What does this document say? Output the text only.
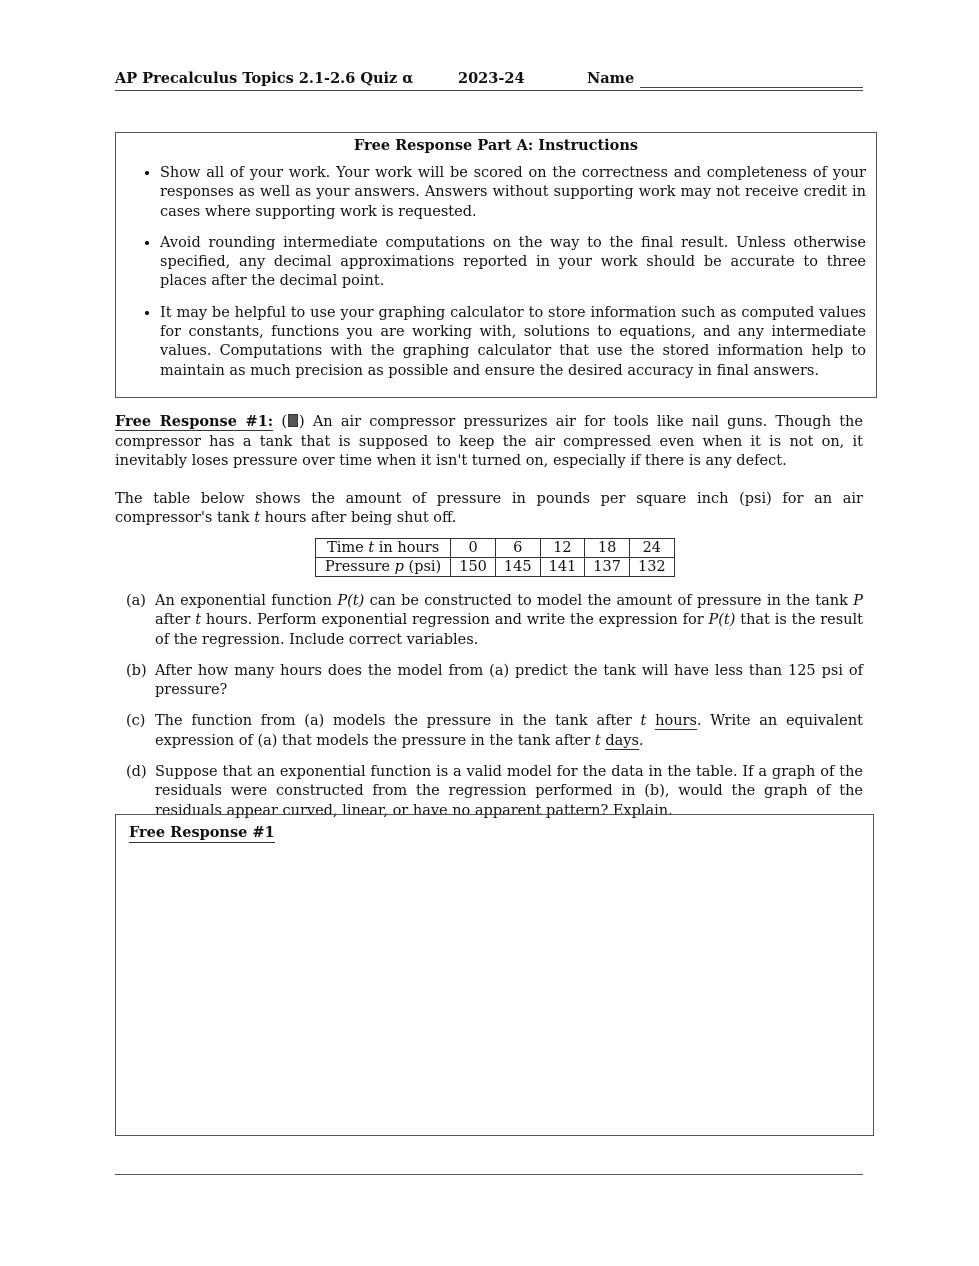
AP Precalculus Topics 2.1-2.6 Quiz α	2023-24	Name
Free Response Part A: Instructions
• Show all of your work. Your work will be scored on the correctness and completeness of your responses as well as your answers. Answers without supporting work may not receive credit in cases where supporting work is requested.
• Avoid rounding intermediate computations on the way to the final result. Unless otherwise specified, any decimal approximations reported in your work should be accurate to three places after the decimal point.
• It may be helpful to use your graphing calculator to store information such as computed values for constants, functions you are working with, solutions to equations, and any intermediate values. Computations with the graphing calculator that use the stored information help to maintain as much precision as possible and ensure the desired accuracy in final answers.
Free Response #1: ( ) An air compressor pressurizes air for tools like nail guns. Though the compressor has a tank that is supposed to keep the air compressed even when it is not on, it inevitably loses pressure over time when it isn't turned on, especially if there is any defect.
The table below shows the amount of pressure in pounds per square inch (psi) for an air compressor's tank t hours after being shut off.
Time t in hours	0	6	12	18	24
Pressure p (psi)	150	145	141	137	132
(a) An exponential function P(t) can be constructed to model the amount of pressure in the tank P after t hours. Perform exponential regression and write the expression for P(t) that is the result of the regression. Include correct variables.
(b) After how many hours does the model from (a) predict the tank will have less than 125 psi of pressure?
(c) The function from (a) models the pressure in the tank after t hours. Write an equivalent expression of (a) that models the pressure in the tank after t days.
(d) Suppose that an exponential function is a valid model for the data in the table. If a graph of the residuals were constructed from the regression performed in (b), would the graph of the residuals appear curved, linear, or have no apparent pattern? Explain.
Free Response #1
